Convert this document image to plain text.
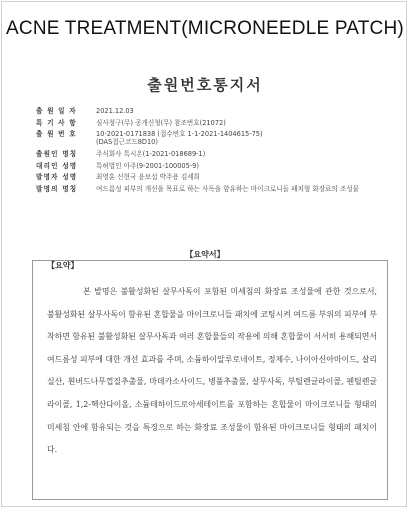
ACNE TREATMENT(MICRONEEDLE PATCH)
출원번호통지서
출 원 일 자	2021.12.03
특 기 사 항	심사청구(무) 공개신청(무) 참조번호(21072)
출 원 번 호	10-2021-0171838 (접수번호 1-1-2021-1404615-75)
(DAS접근코드8D10)
출원인 명칭	주식회사 톡시온(1-2021-018689-1)
대리인 성명	특허법인 아주(9-2001-100005-9)
발명자 성명	최영훈 신현국 윤보섭 박주용 김세희
발명의 명칭	여드름성 피부의 개선을 목표로 하는 사독을 함유하는 마이크로니들 패치형 화장료의 조성물
【요약서】
【요약】
본 발명은 불활성화된 살무사독이 포함된 미세침의 화장료 조성물에 관한 것으로서, 불활성화된 살무사독이 함유된 혼합물을 마이크로니들 패치에 코팅시켜 여드름 부위의 피부에 부착하면 함유된 불활성화된 살무사독과 여러 혼합물들의 작용에 의해 혼합물이 서서히 용해되면서 여드름성 피부에 대한 개선 효과를 주며, 소듐하이알루로네이트, 정제수, 나이아신아마이드, 살리실산, 휜버드나무껍질추출물, 마데카소사이드, 병풀추출물, 살무사독, 부틸렌글라이콜, 펜틸렌글라이콜, 1,2-헥산다이올, 소듐테하이드로아세테이트를 포함하는 혼합물이 마이크로니들 형태의 미세침 안에 함유되는 것을 특징으로 하는 화장료 조성물이 함유된 마이크로니들 형태의 패치이다.
